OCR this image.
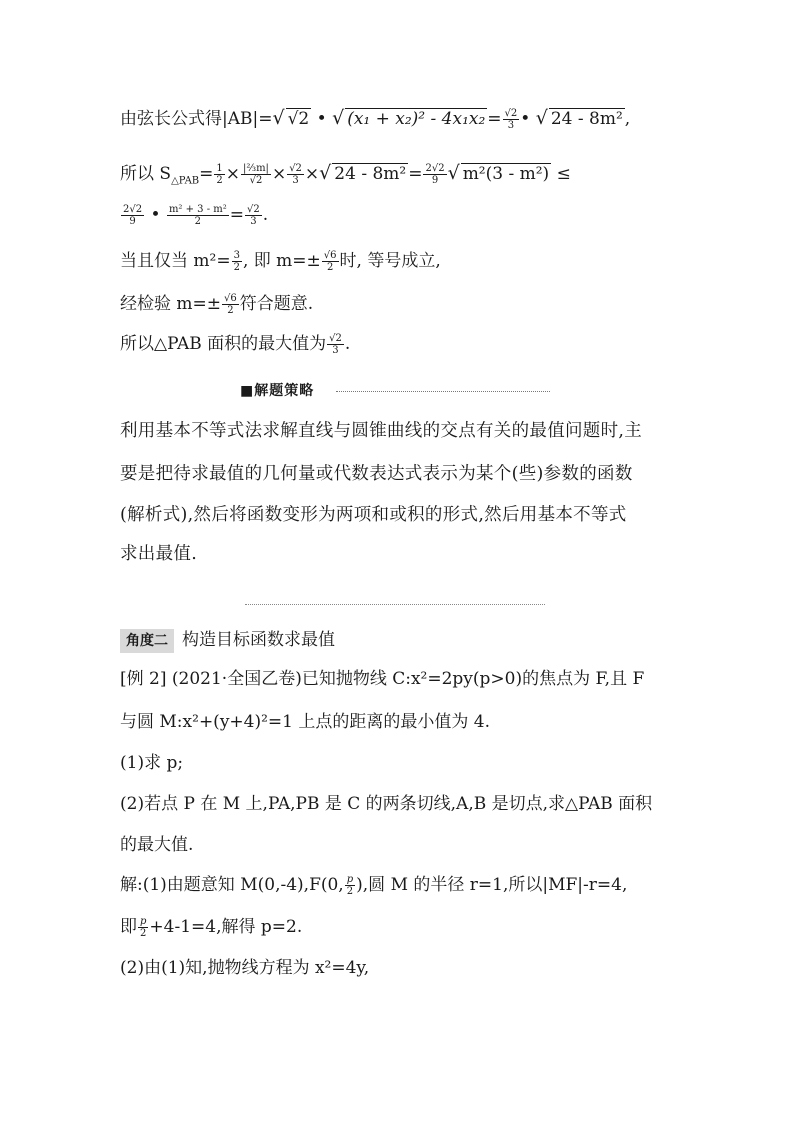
由弦长公式得|AB|=√ √2 • √ $(x_1 + x_2)^2 - 4x_1x_2 = \frac{√2}{3}$ • √ 24 - 8m² ,
所以 $S_{\triangle PAB}= \frac{1}{2} \times \frac{\text{|⅔m|}}{√2} \times \frac{√2}{3}$ ×√ $24 - 8m^2 = \frac{2√2}{9}$ √ m²(3 - m²) ≤
$\frac{2√2}{9}$ • $\frac{\text{m² + 3 - m²}}{2} = \frac{√2}{3}$ .
当且仅当 $m^2= \frac{3}{2}$ , 即 $m=\pm \frac{√6}{2}$ 时, 等号成立,
经检验 $m=\pm \frac{√6}{2}$ 符合题意.
所以△PAB 面积的最大值为 $\frac{√2}{3}$ .
■解题策略
利用基本不等式法求解直线与圆锥曲线的交点有关的最值问题时,主
要是把待求最值的几何量或代数表达式表示为某个(些)参数的函数
(解析式),然后将函数变形为两项和或积的形式,然后用基本不等式
求出最值.
角度二 构造目标函数求最值
[例 2] (2021·全国乙卷)已知抛物线 C:x²=2py(p>0)的焦点为 F,且 F
与圆 M:x²+(y+4)²=1 上点的距离的最小值为 4.
(1)求 p;
(2)若点 P 在 M 上,PA,PB 是 C 的两条切线,A,B 是切点,求△PAB 面积
的最大值.
解:(1)由题意知 M(0,-4),F(0, $\frac{p}{2}$ ),圆 M 的半径 r=1,所以|MF|-r=4,
即 $\frac{p}{2} +4-1=4$,解得 p=2.
(2)由(1)知,抛物线方程为 x²=4y,
